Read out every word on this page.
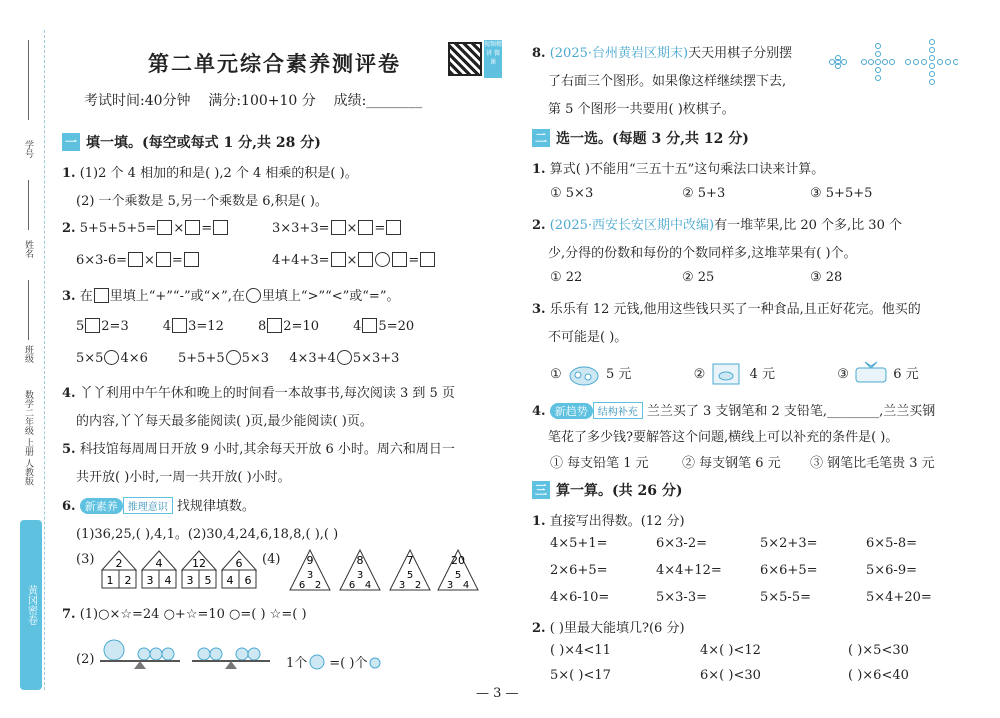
学号
姓名
班级
数学二年级 上册 人教版
黄冈密卷
第二单元综合素养测评卷
视频精讲 微课
考试时间:40分钟 满分:100+10 分 成绩:________
一 填一填。(每空或每式 1 分,共 28 分)
1. (1)2 个 4 相加的和是( ),2 个 4 相乘的积是( )。
(2) 一个乘数是 5,另一个乘数是 6,积是( )。
2. 5+5+5+5= × =	3×3+3= × =
6×3-6= × =	4+4+3= ×	=
3. 在 里填上“+”“-”或“×”,在 里填上“>”“<”或“=”。
5 2=3	4 3=12	8 2=10	4 5=20
5×5 4×6 5+5+5 5×3 4×3+4 5×3+3
4. 丫丫利用中午午休和晚上的时间看一本故事书,每次阅读 3 到 5 页
的内容,丫丫每天最多能阅读( )页,最少能阅读( )页。
5. 科技馆每周周日开放 9 小时,其余每天开放 6 小时。周六和周日一
共开放( )小时,一周一共开放( )小时。
6. 新素养 推理意识 找规律填数。
(1)36,25,( ),4,1。(2)30,4,24,6,18,8,( ),( )
(3)	(4)
2
1 2
4
3 4
12
3 5
6
4 6
9
3
6 2
8
3
6 4
7
5
3 2
20
5
3 4
7. (1)○×☆=24 ○+☆=10 ○=( ) ☆=( )
(2)	1个 =( )个
8. (2025·台州黄岩区期末)天天用棋子分别摆
了右面三个图形。如果像这样继续摆下去,
第 5 个图形一共要用( )枚棋子。
二 选一选。(每题 3 分,共 12 分)
1. 算式( )不能用“三五十五”这句乘法口诀来计算。
① 5×3	② 5+3	③ 5+5+5
2. (2025·西安长安区期中改编)有一堆苹果,比 20 个多,比 30 个
少,分得的份数和每份的个数同样多,这堆苹果有( )个。
① 22	② 25	③ 28
3. 乐乐有 12 元钱,他用这些钱只买了一种食品,且正好花完。他买的
不可能是( )。
①	5 元	②	4 元	③	6 元
4. 新趋势 结构补充 兰兰买了 3 支钢笔和 2 支铅笔,________,兰兰买钢
笔花了多少钱?要解答这个问题,横线上可以补充的条件是( )。
① 每支铅笔 1 元	② 每支钢笔 6 元 ③ 钢笔比毛笔贵 3 元
三 算一算。(共 26 分)
1. 直接写出得数。(12 分)
4×5+1=	6×3-2=	5×2+3=	6×5-8=
2×6+5=	4×4+12=	6×6+5=	5×6-9=
4×6-10=	5×3-3=	5×5-5=	5×4+20=
2. ( )里最大能填几?(6 分)
( )×4<11	4×( )<12	( )×5<30
5×( )<17	6×( )<30	( )×6<40
— 3 —
